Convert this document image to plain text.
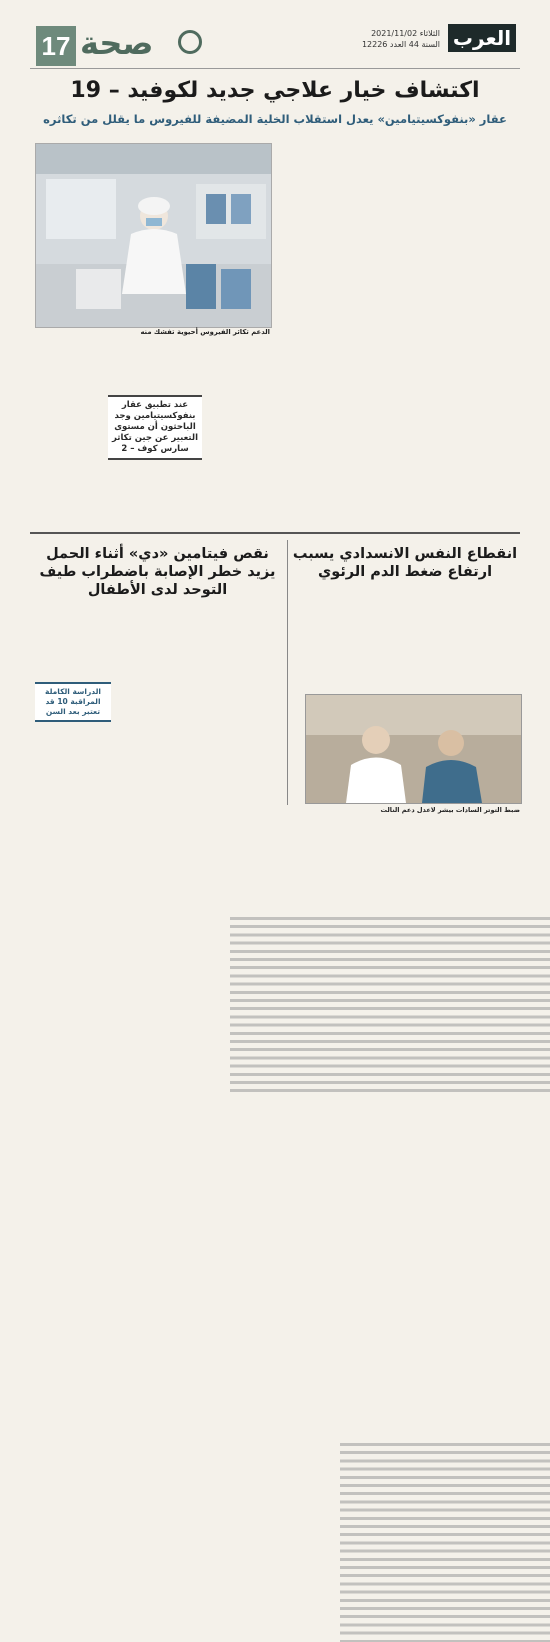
17 صحة	الثلاثاء 2021/11/02
السنة 44 العدد 12226 العرب
اكتشاف خيار علاجي جديد لكوفيد – 19
عقار «بنفوكسيتيامين» يعدل استقلاب الخلية المضيفة للفيروس ما يقلل من تكاثره
الدعم تكاثر الفيروس أحيوية تفشك منه
عند تطبيق عقار بنفوكسيتيامين وجد الباحثون أن مستوى التعبير عن جين تكاثر سارس كوف – 2
انقطاع النفس الانسدادي يسبب ارتفاع ضغط الدم الرئوي
ضبط التوتر السادات بيشر لاعدل دعم النالت
نقص فيتامين «دي» أثناء الحمل يزيد خطر الإصابة باضطراب طيف التوحد لدى الأطفال
الدراسة الكاملة المراقبة 10 قد تعتبر بعد السن
